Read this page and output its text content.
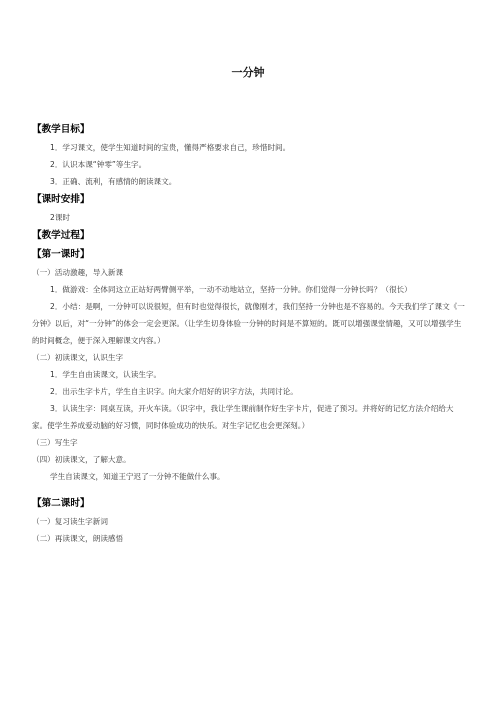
一分钟
【教学目标】
1．学习课文，使学生知道时间的宝贵，懂得严格要求自己，珍惜时间。
2．认识本课“钟零”等生字。
3．正确、流利，有感情的朗读课文。
【课时安排】
2课时
【教学过程】
【第一课时】
（一）活动激趣，导入新课
1．做游戏：全体同这立正站好两臂侧平举，一动不动地站立，坚持一分钟。你们觉得一分钟长吗？（很长）
2．小结：是啊，一分钟可以说很短，但有时也觉得很长，就像刚才，我们坚持一分钟也是不容易的。今天我们学了课文《一分钟》以后，对“一分钟”的体会一定会更深。（让学生切身体验一分钟的时间是不算短的。既可以增强课堂情趣，又可以增强学生的时间概念，便于深入理解课文内容。）
（二）初读课文，认识生字
1．学生自由读课文，认读生字。
2．出示生字卡片，学生自主识字。向大家介绍好的识字方法，共同讨论。
3．认读生字：同桌互读，开火车读。（识字中，我让学生课前制作好生字卡片，促进了预习。并将好的记忆方法介绍给大家。使学生养成爱动脑的好习惯，同时体验成功的快乐。对生字记忆也会更深刻。）
（三）写生字
（四）初读课文，了解大意。
学生自读课文，知道王宁迟了一分钟不能做什么事。
【第二课时】
（一）复习读生字新词
（二）再读课文，朗读感悟
